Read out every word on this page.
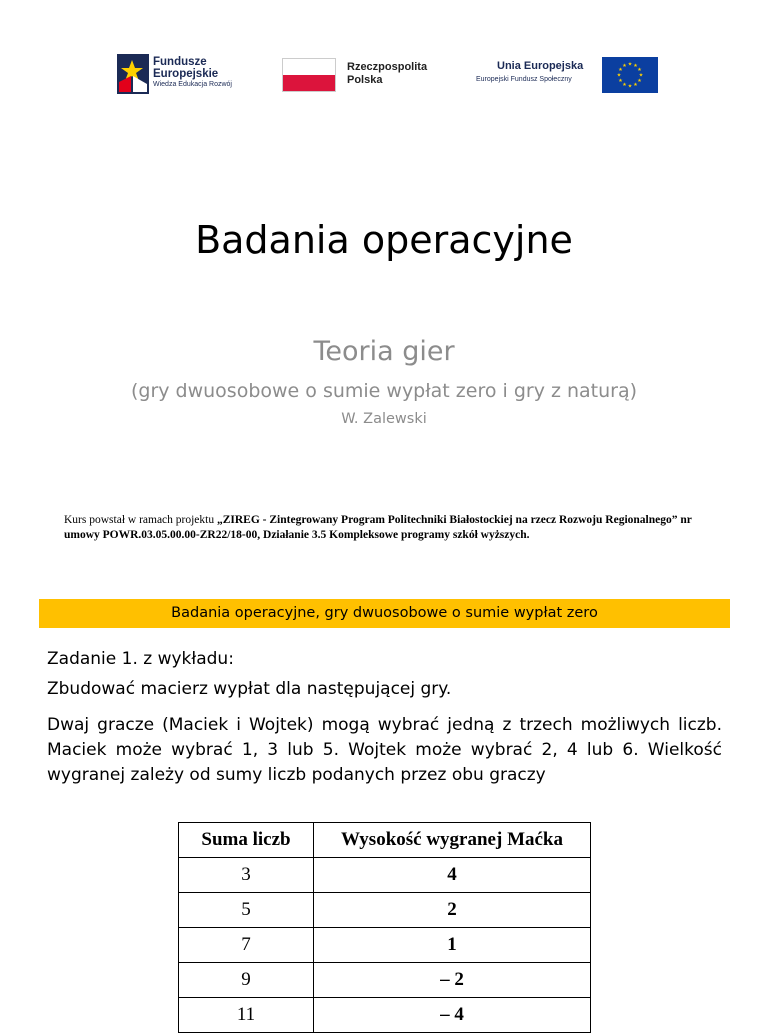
Fundusze
Europejskie
Wiedza Edukacja Rozwój
Rzeczpospolita
Polska
Unia Europejska
Europejski Fundusz Społeczny
★
★
★
★
★
★
★
★
★ ★ ★
★
Badania operacyjne
Teoria gier
(gry dwuosobowe o sumie wypłat zero i gry z naturą)
W. Zalewski
Kurs powstał w ramach projektu „ZIREG - Zintegrowany Program Politechniki Białostockiej na rzecz Rozwoju Regionalnego” nr umowy POWR.03.05.00.00-ZR22/18-00, Działanie 3.5 Kompleksowe programy szkół wyższych.
Badania operacyjne, gry dwuosobowe o sumie wypłat zero
Zadanie 1. z wykładu:
Zbudować macierz wypłat dla następującej gry.
Dwaj gracze (Maciek i Wojtek) mogą wybrać jedną z trzech możliwych liczb. Maciek może wybrać 1, 3 lub 5. Wojtek może wybrać 2, 4 lub 6. Wielkość wygranej zależy od sumy liczb podanych przez obu graczy
Suma liczb	Wysokość wygranej Maćka
3	4
5	2
7	1
9	– 2
11	– 4
